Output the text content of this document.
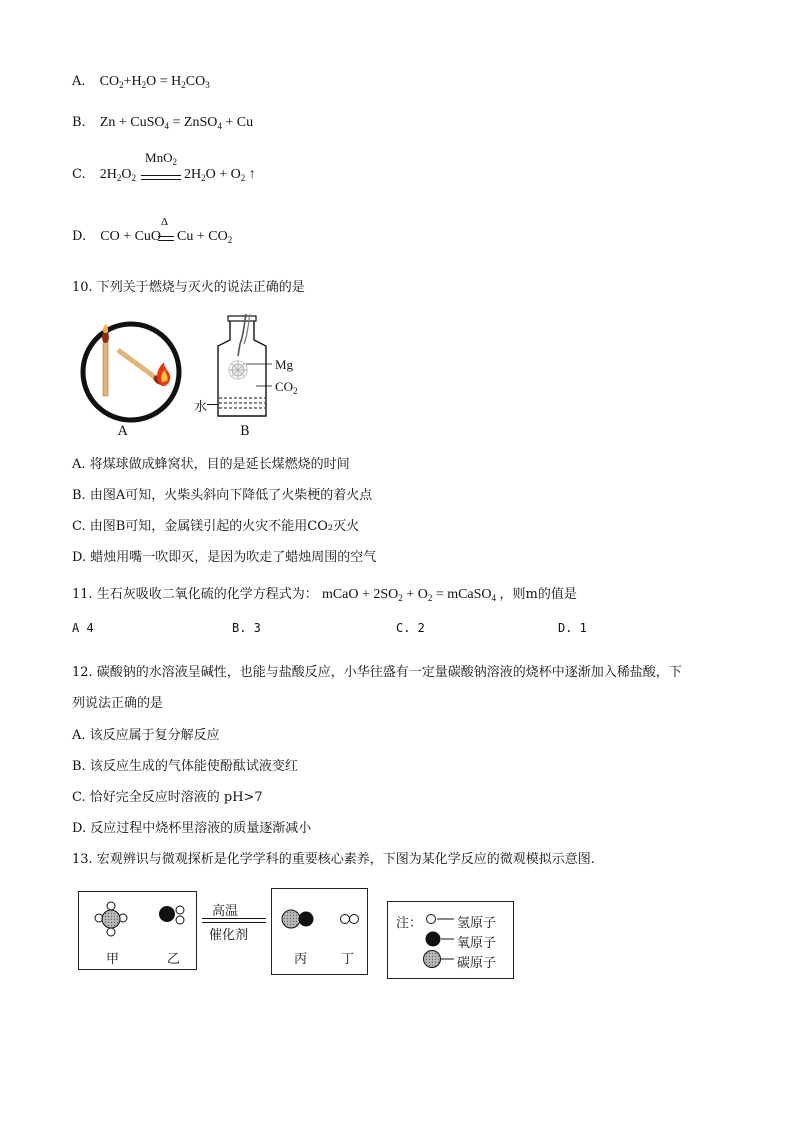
A. $CO_2+H_2O = H_2CO_3$
B. Zn + CuSO$_4$ = ZnSO$_4$ + Cu
C. $2H_2O_2$
MnO$_2$
$2H_2O + O_2$ ↑
D. CO + CuO
Δ
$Cu + CO_2$
10. 下列关于燃烧与灭火的说法正确的是
A
Mg
$CO_2$
水
B
A. 将煤球做成蜂窝状，目的是延长煤燃烧的时间
B. 由图A可知，火柴头斜向下降低了火柴梗的着火点
C. 由图B可知，金属镁引起的火灾不能用CO₂灭火
D. 蜡烛用嘴一吹即灭，是因为吹走了蜡烛周围的空气
11. 生石灰吸收二氧化硫的化学方程式为： mCaO + $2SO_2 + O_2$ = mCaSO$_4$ ，则m的值是
A 4	B. 3	C. 2	D. 1
12. 碳酸钠的水溶液呈碱性，也能与盐酸反应，小华往盛有一定量碳酸钠溶液的烧杯中逐渐加入稀盐酸，下
列说法正确的是
A. 该反应属于复分解反应
B. 该反应生成的气体能使酚酞试液变红
C. 恰好完全反应时溶液的 pH>7
D. 反应过程中烧杯里溶液的质量逐渐减小
13. 宏观辨识与微观探析是化学学科的重要核心素养，下图为某化学反应的微观模拟示意图.
甲	乙
高温
催化剂
丙	丁
注：	氢原子
氧原子
碳原子
